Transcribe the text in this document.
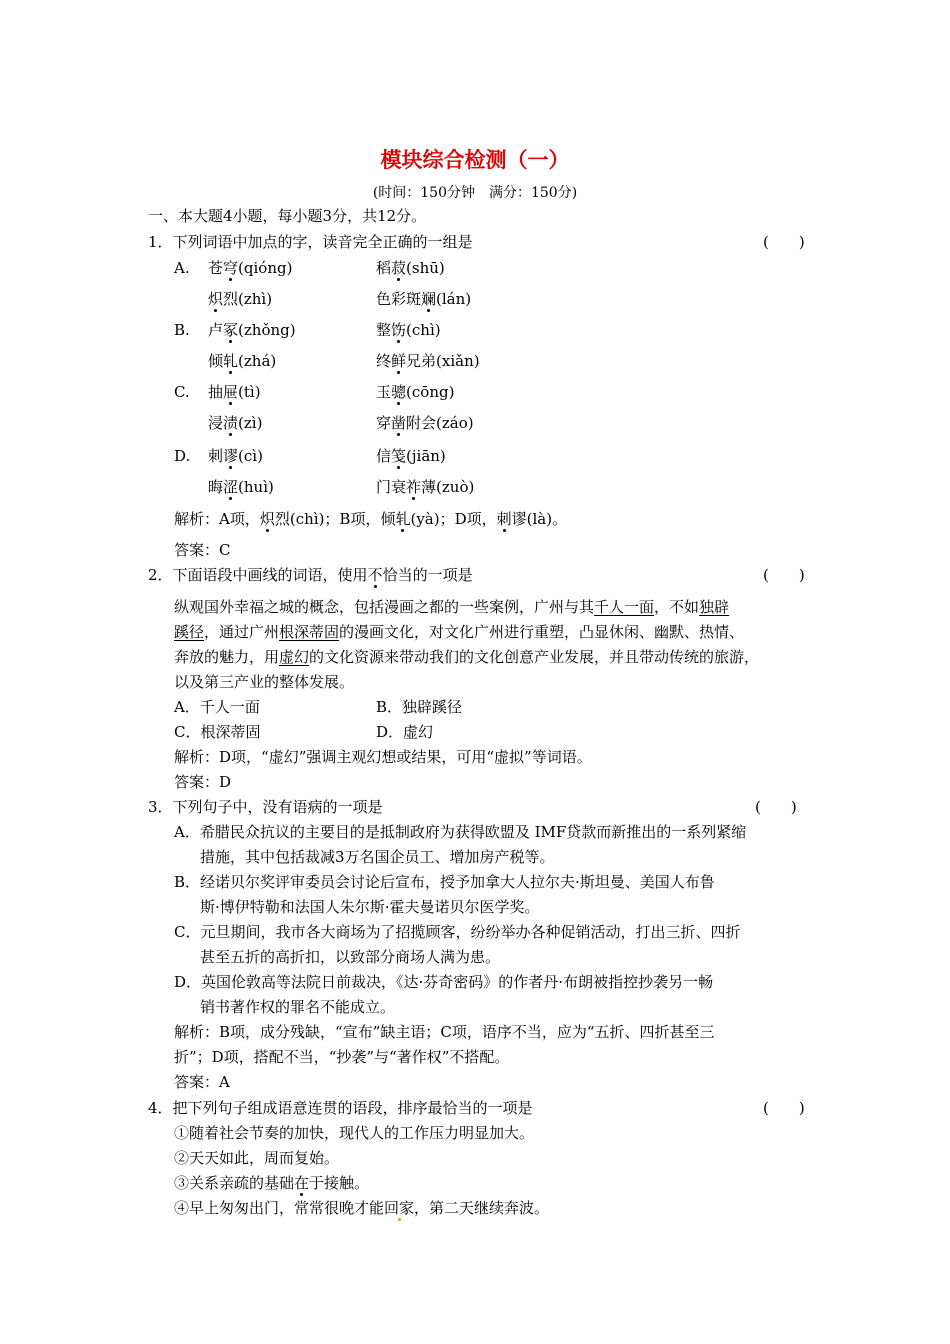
模块综合检测（一）
(时间：150分钟　满分：150分)
一、本大题4小题，每小题3分，共12分。
1．下列词语中加点的字，读音完全正确的一组是	(　　)
A. 苍穹(qióng)	稻菽(shū)
炽烈(zhì)	色彩斑斓(lán)
B. 卢冢(zhǒng)	整饬(chì)
倾轧(zhá)	终鲜兄弟(xiǎn)
C. 抽屉(tì)	玉骢(cōng)
浸渍(zì)	穿凿附会(záo)
D. 刺谬(cì)	信笺(jiān)
晦涩(huì)	门衰祚薄(zuò)
解析：A项，炽烈(chì)；B项，倾轧(yà)；D项，刺谬(là)。
答案：C
2．下面语段中画线的词语，使用不恰当的一项是	(　　)
纵观国外幸福之城的概念，包括漫画之都的一些案例，广州与其千人一面，不如独辟
蹊径，通过广州根深蒂固的漫画文化，对文化广州进行重塑，凸显休闲、幽默、热情、
奔放的魅力，用虚幻的文化资源来带动我们的文化创意产业发展，并且带动传统的旅游，
以及第三产业的整体发展。
A．千人一面	B．独辟蹊径
C．根深蒂固	D．虚幻
解析：D项，“虚幻”强调主观幻想或结果，可用“虚拟”等词语。
答案：D
3．下列句子中，没有语病的一项是	(　　)
A．希腊民众抗议的主要目的是抵制政府为获得欧盟及 IMF贷款而新推出的一系列紧缩
措施，其中包括裁减3万名国企员工、增加房产税等。
B．经诺贝尔奖评审委员会讨论后宣布，授予加拿大人拉尔夫·斯坦曼、美国人布鲁
斯·博伊特勒和法国人朱尔斯·霍夫曼诺贝尔医学奖。
C．元旦期间，我市各大商场为了招揽顾客，纷纷举办各种促销活动，打出三折、四折
甚至五折的高折扣，以致部分商场人满为患。
D．英国伦敦高等法院日前裁决，《达·芬奇密码》的作者丹·布朗被指控抄袭另一畅
销书著作权的罪名不能成立。
解析：B项，成分残缺，“宣布”缺主语；C项，语序不当，应为“五折、四折甚至三
折”；D项，搭配不当，“抄袭”与“著作权”不搭配。
答案：A
4．把下列句子组成语意连贯的语段，排序最恰当的一项是	(　　)
①随着社会节奏的加快，现代人的工作压力明显加大。
②天天如此，周而复始。
③关系亲疏的基础在于接触。
④早上匆匆出门，常常很晚才能回家，第二天继续奔波。
